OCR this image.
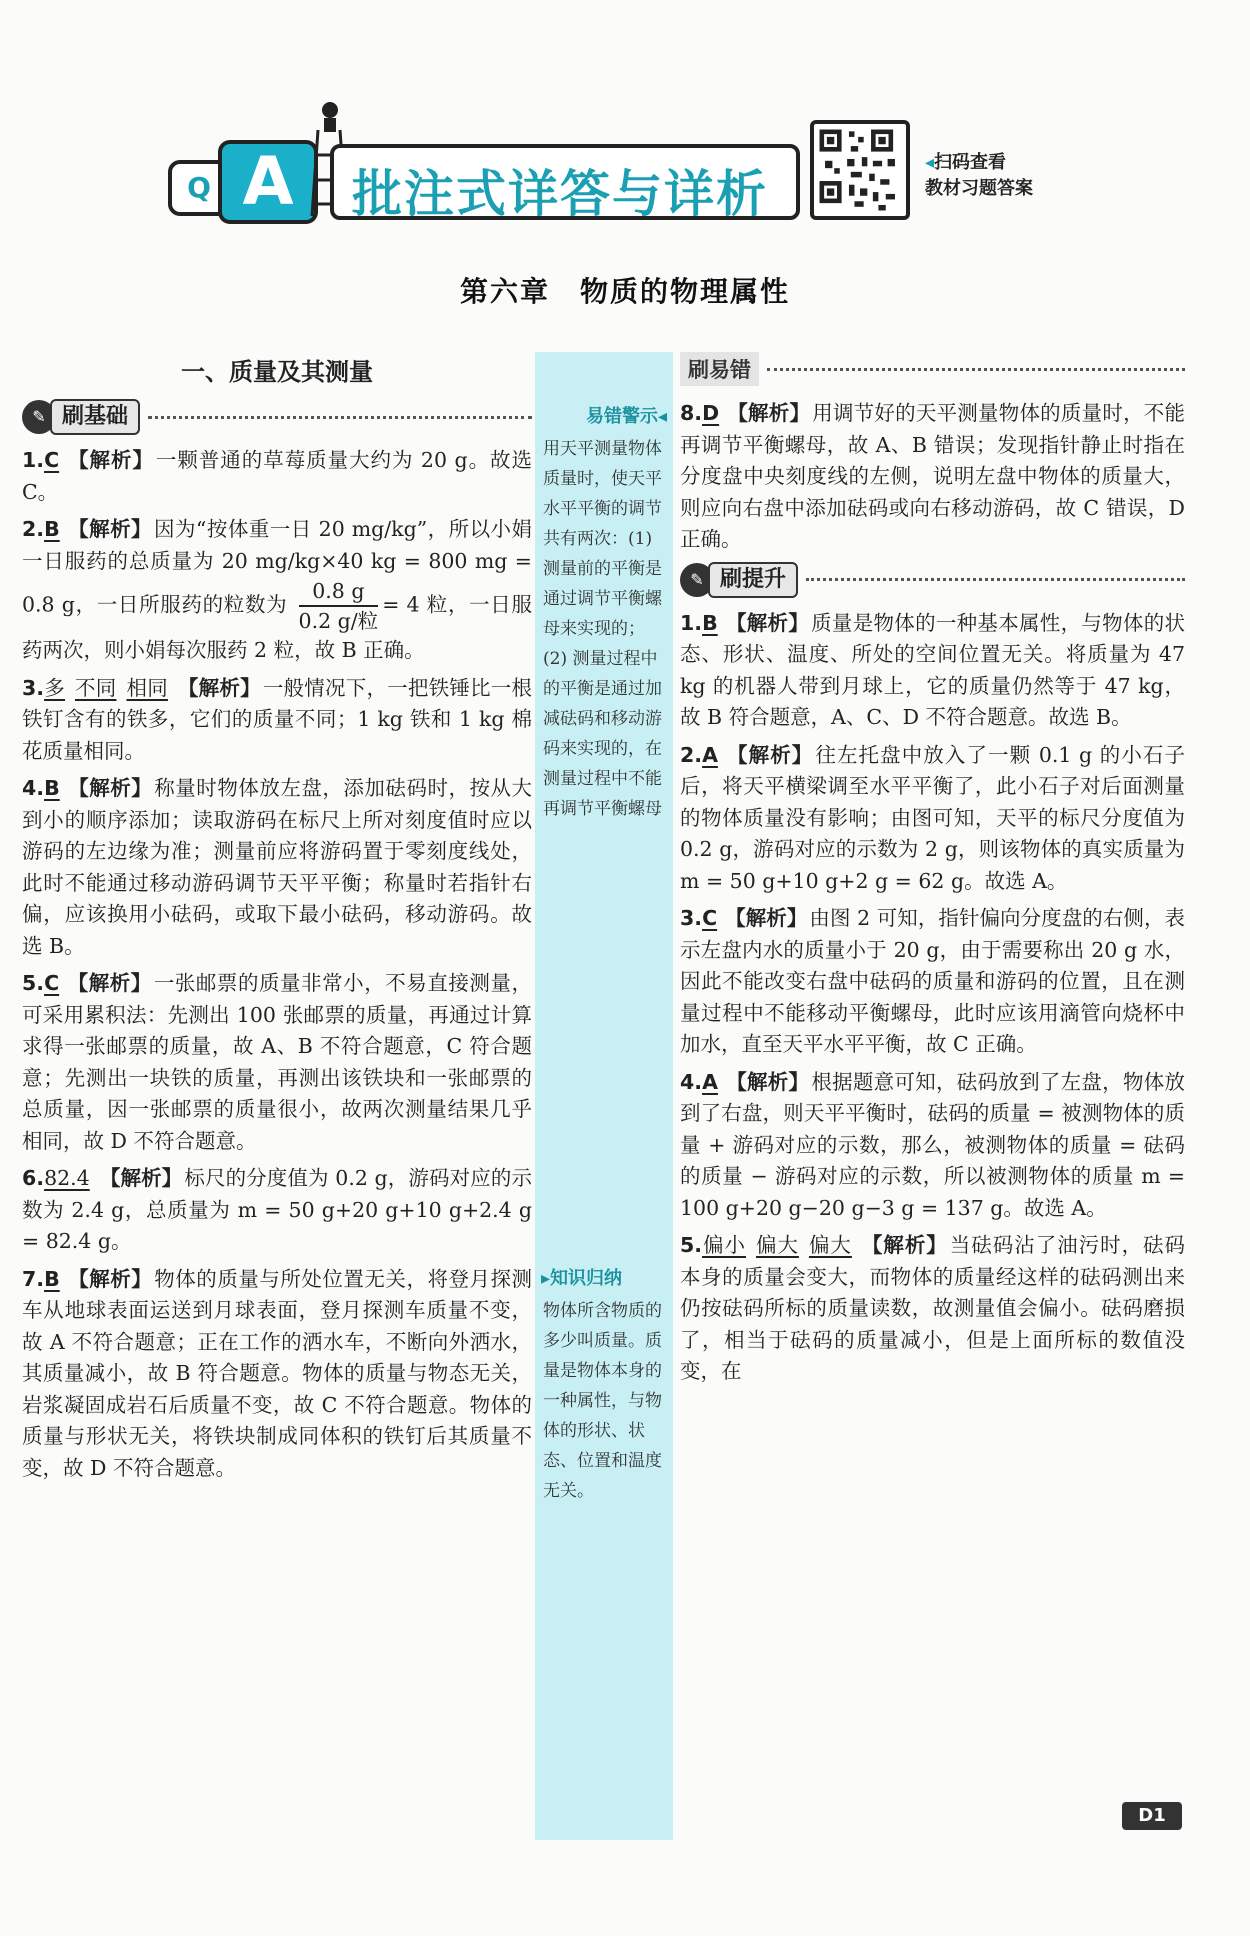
Q A	批注式详答与详析
◂扫码查看
教材习题答案
第六章　物质的物理属性
一、质量及其测量
✎ 刷基础
1.C 【解析】一颗普通的草莓质量大约为 20 g。故选 C。
2.B 【解析】因为“按体重一日 20 mg/kg”，所以小娟一日服药的总质量为 20 mg/kg×40 kg = 800 mg = 0.8 g，一日所服药的粒数为 $\frac{0.8 g}{\text{0.2 g/粒}} = 4$ 粒，一日服药两次，则小娟每次服药 2 粒，故 B 正确。
3.多 不同 相同 【解析】一般情况下，一把铁锤比一根铁钉含有的铁多，它们的质量不同；1 kg 铁和 1 kg 棉花质量相同。
4.B 【解析】称量时物体放左盘，添加砝码时，按从大到小的顺序添加；读取游码在标尺上所对刻度值时应以游码的左边缘为准；测量前应将游码置于零刻度线处，此时不能通过移动游码调节天平平衡；称量时若指针右偏，应该换用小砝码，或取下最小砝码，移动游码。故选 B。
5.C 【解析】一张邮票的质量非常小，不易直接测量，可采用累积法：先测出 100 张邮票的质量，再通过计算求得一张邮票的质量，故 A、B 不符合题意，C 符合题意；先测出一块铁的质量，再测出该铁块和一张邮票的总质量，因一张邮票的质量很小，故两次测量结果几乎相同，故 D 不符合题意。
6.82.4 【解析】标尺的分度值为 0.2 g，游码对应的示数为 2.4 g，总质量为 m = 50 g+20 g+10 g+2.4 g = 82.4 g。
7.B 【解析】物体的质量与所处位置无关，将登月探测车从地球表面运送到月球表面，登月探测车质量不变，故 A 不符合题意；正在工作的洒水车，不断向外洒水，其质量减小，故 B 符合题意。物体的质量与物态无关，岩浆凝固成岩石后质量不变，故 C 不符合题意。物体的质量与形状无关，将铁块制成同体积的铁钉后其质量不变，故 D 不符合题意。
易错警示◂
用天平测量物体质量时，使天平水平平衡的调节共有两次：(1) 测量前的平衡是通过调节平衡螺母来实现的；(2) 测量过程中的平衡是通过加减砝码和移动游码来实现的，在测量过程中不能再调节平衡螺母
▸知识归纳
物体所含物质的多少叫质量。质量是物体本身的一种属性，与物体的形状、状态、位置和温度无关。
刷易错
8.D 【解析】用调节好的天平测量物体的质量时，不能再调节平衡螺母，故 A、B 错误；发现指针静止时指在分度盘中央刻度线的左侧，说明左盘中物体的质量大，则应向右盘中添加砝码或向右移动游码，故 C 错误，D 正确。
✎ 刷提升
1.B 【解析】质量是物体的一种基本属性，与物体的状态、形状、温度、所处的空间位置无关。将质量为 47 kg 的机器人带到月球上，它的质量仍然等于 47 kg，故 B 符合题意，A、C、D 不符合题意。故选 B。
2.A 【解析】往左托盘中放入了一颗 0.1 g 的小石子后，将天平横梁调至水平平衡了，此小石子对后面测量的物体质量没有影响；由图可知，天平的标尺分度值为 0.2 g，游码对应的示数为 2 g，则该物体的真实质量为 m = 50 g+10 g+2 g = 62 g。故选 A。
3.C 【解析】由图 2 可知，指针偏向分度盘的右侧，表示左盘内水的质量小于 20 g，由于需要称出 20 g 水，因此不能改变右盘中砝码的质量和游码的位置，且在测量过程中不能移动平衡螺母，此时应该用滴管向烧杯中加水，直至天平水平平衡，故 C 正确。
4.A 【解析】根据题意可知，砝码放到了左盘，物体放到了右盘，则天平平衡时，砝码的质量 = 被测物体的质量 + 游码对应的示数，那么，被测物体的质量 = 砝码的质量 − 游码对应的示数，所以被测物体的质量 m = 100 g+20 g−20 g−3 g = 137 g。故选 A。
5.偏小 偏大 偏大 【解析】当砝码沾了油污时，砝码本身的质量会变大，而物体的质量经这样的砝码测出来仍按砝码所标的质量读数，故测量值会偏小。砝码磨损了，相当于砝码的质量减小，但是上面所标的数值没变，在
D1
